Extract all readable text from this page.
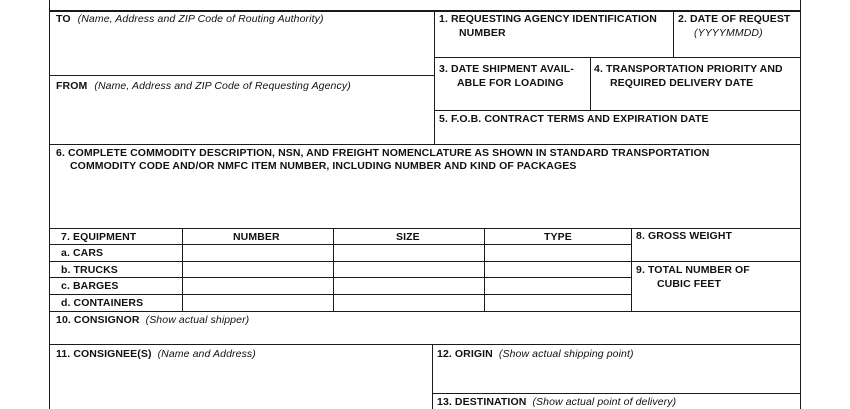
TO (Name, Address and ZIP Code of Routing Authority)
FROM (Name, Address and ZIP Code of Requesting Agency)
1. REQUESTING AGENCY IDENTIFICATION
NUMBER
2. DATE OF REQUEST
(YYYYMMDD)
3. DATE SHIPMENT AVAIL-
ABLE FOR LOADING
4. TRANSPORTATION PRIORITY AND
REQUIRED DELIVERY DATE
5. F.O.B. CONTRACT TERMS AND EXPIRATION DATE
6. COMPLETE COMMODITY DESCRIPTION, NSN, AND FREIGHT NOMENCLATURE AS SHOWN IN STANDARD TRANSPORTATION
COMMODITY CODE AND/OR NMFC ITEM NUMBER, INCLUDING NUMBER AND KIND OF PACKAGES
7. EQUIPMENT	NUMBER	SIZE	TYPE
a. CARS
b. TRUCKS
c. BARGES
d. CONTAINERS
8. GROSS WEIGHT
9. TOTAL NUMBER OF
CUBIC FEET
10. CONSIGNOR (Show actual shipper)
11. CONSIGNEE(S) (Name and Address)	12. ORIGIN (Show actual shipping point)
13. DESTINATION (Show actual point of delivery)
